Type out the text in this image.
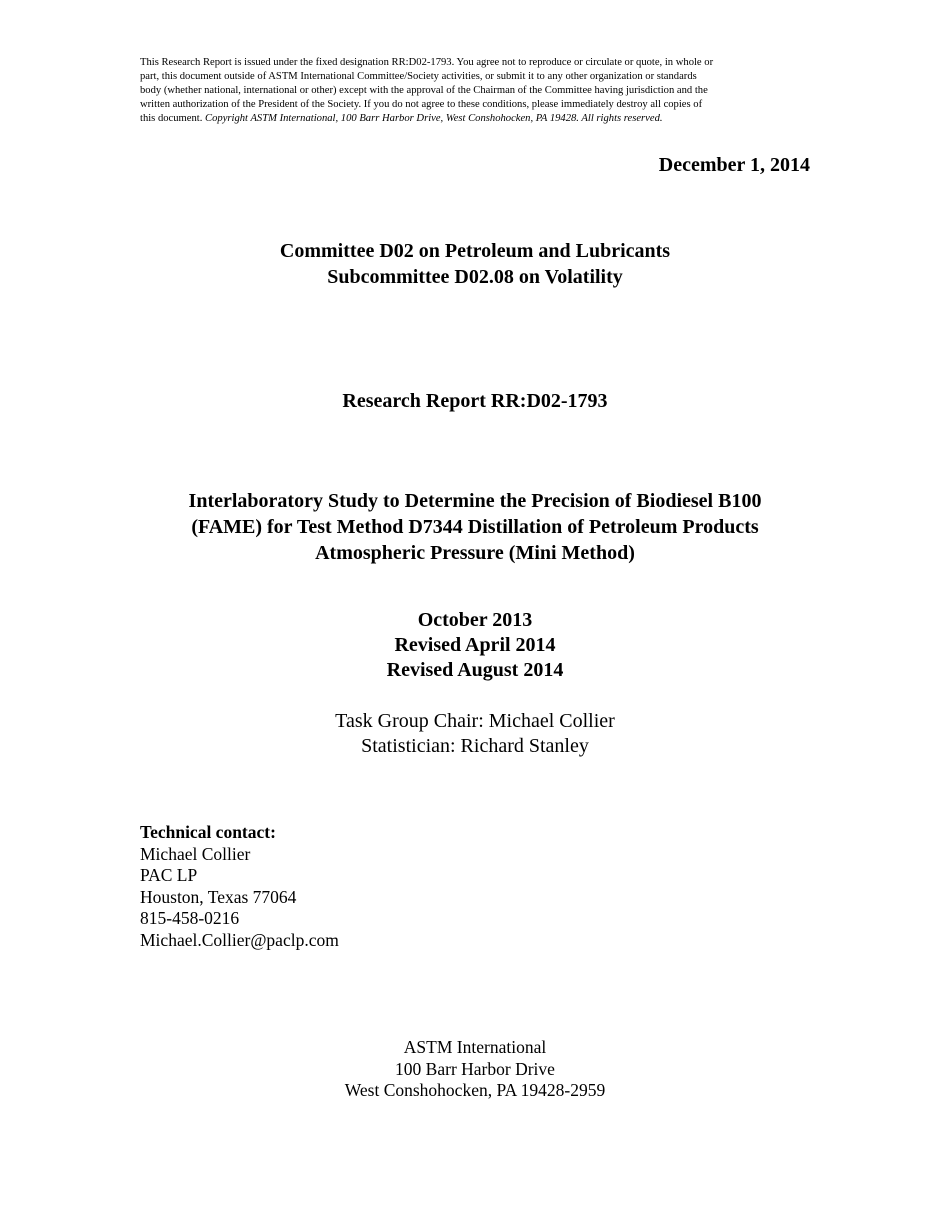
This Research Report is issued under the fixed designation RR:D02-1793. You agree not to reproduce or circulate or quote, in whole or
part, this document outside of ASTM International Committee/Society activities, or submit it to any other organization or standards
body (whether national, international or other) except with the approval of the Chairman of the Committee having jurisdiction and the
written authorization of the President of the Society. If you do not agree to these conditions, please immediately destroy all copies of
this document. Copyright ASTM International, 100 Barr Harbor Drive, West Conshohocken, PA 19428. All rights reserved.
December 1, 2014
Committee D02 on Petroleum and Lubricants
Subcommittee D02.08 on Volatility
Research Report RR:D02-1793
Interlaboratory Study to Determine the Precision of Biodiesel B100
(FAME) for Test Method D7344 Distillation of Petroleum Products
Atmospheric Pressure (Mini Method)
October 2013
Revised April 2014
Revised August 2014
Task Group Chair: Michael Collier
Statistician: Richard Stanley
Technical contact:
Michael Collier
PAC LP
Houston, Texas 77064
815-458-0216
Michael.Collier@paclp.com
ASTM International
100 Barr Harbor Drive
West Conshohocken, PA 19428-2959
